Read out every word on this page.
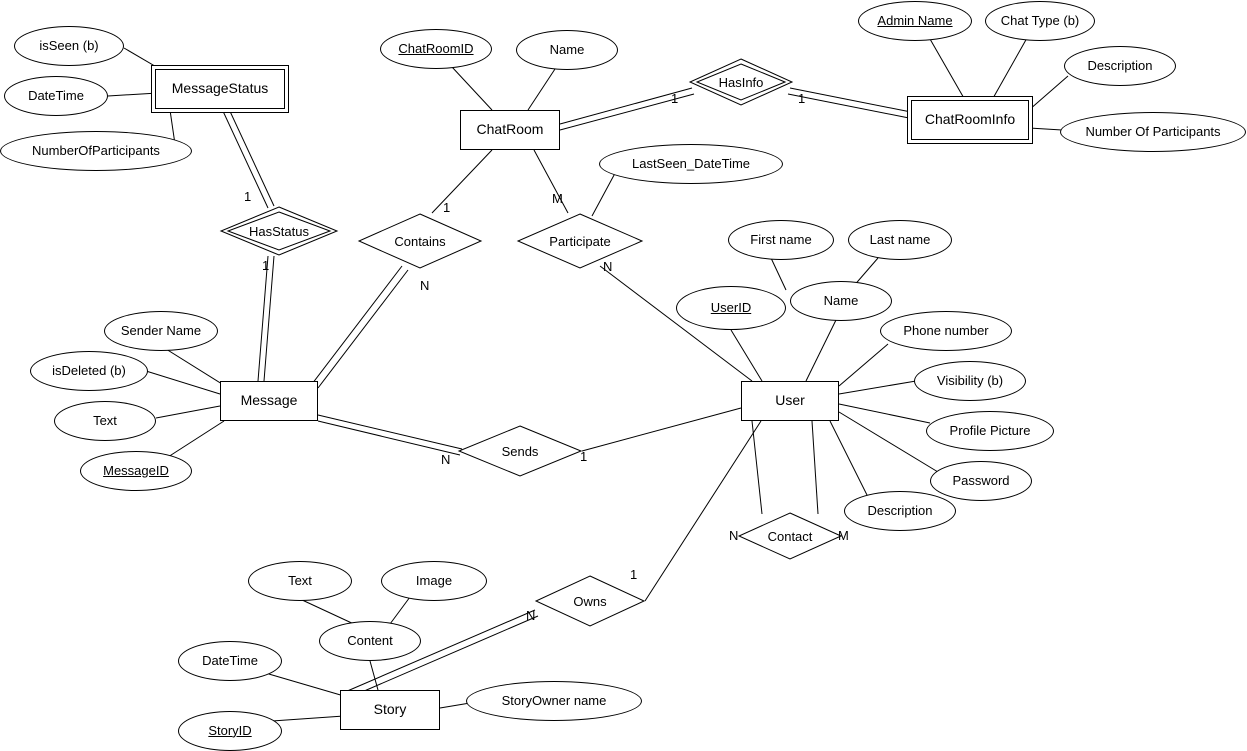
MessageStatus
ChatRoom
ChatRoomInfo
Message	User
Story
isSeen (b)
DateTime
NumberOfParticipants
ChatRoomID	Name
Admin Name	Chat Type (b)
Description
Number Of Participants
LastSeen_DateTime
First name	Last name
UserID	Name
Phone number
Visibility (b)
Profile Picture
Password
Description
Sender Name
isDeleted (b)
Text
MessageID
Text	Image
Content
DateTime
StoryID
StoryOwner name
HasInfo
HasStatus
Contains	Participate
Sends
Contact
Owns
1	1
1
1
1
N
M
N
N	1
N	M
N
1
